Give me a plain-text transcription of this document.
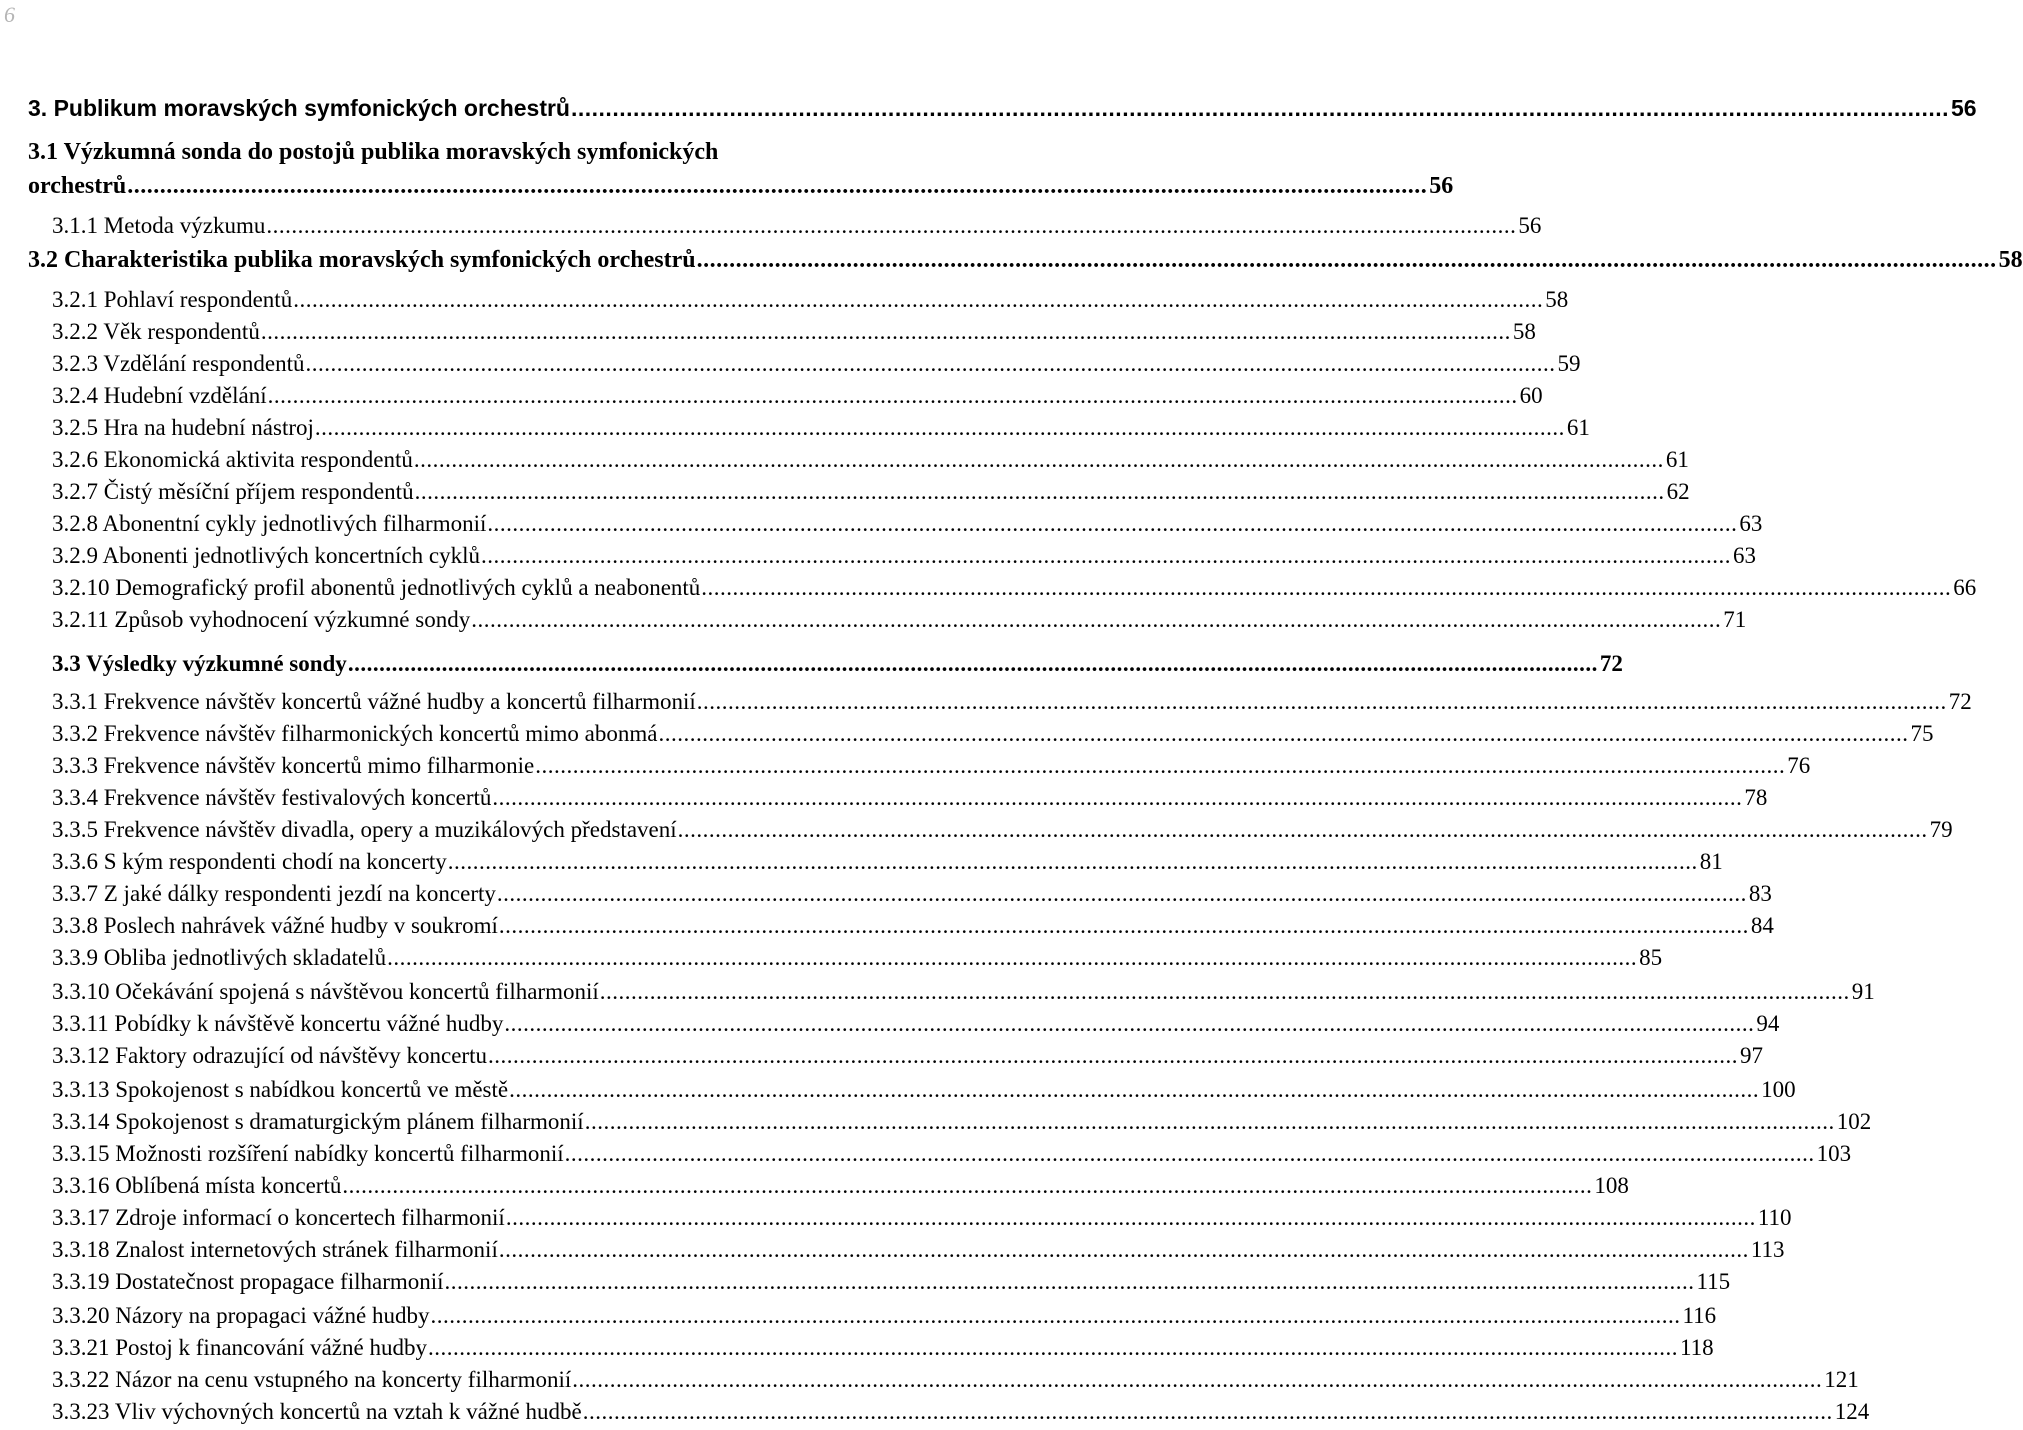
6
3. Publikum moravských symfonických orchestrů ........................................................................................................................................................................................................ 56
3.1 Výzkumná sonda do postojů publika moravských symfonických
orchestrů ........................................................................................................................................................................................................ 56
3.1.1 Metoda výzkumu ........................................................................................................................................................................................................ 56
3.2 Charakteristika publika moravských symfonických orchestrů ........................................................................................................................................................................................................ 58
3.2.1 Pohlaví respondentů ........................................................................................................................................................................................................ 58
3.2.2 Věk respondentů ........................................................................................................................................................................................................ 58
3.2.3 Vzdělání respondentů ........................................................................................................................................................................................................ 59
3.2.4 Hudební vzdělání ........................................................................................................................................................................................................ 60
3.2.5 Hra na hudební nástroj ........................................................................................................................................................................................................ 61
3.2.6 Ekonomická aktivita respondentů ........................................................................................................................................................................................................ 61
3.2.7 Čistý měsíční příjem respondentů ........................................................................................................................................................................................................ 62
3.2.8 Abonentní cykly jednotlivých filharmonií ........................................................................................................................................................................................................ 63
3.2.9 Abonenti jednotlivých koncertních cyklů ........................................................................................................................................................................................................ 63
3.2.10 Demografický profil abonentů jednotlivých cyklů a neabonentů ........................................................................................................................................................................................................ 66
3.2.11 Způsob vyhodnocení výzkumné sondy ........................................................................................................................................................................................................ 71
3.3 Výsledky výzkumné sondy ........................................................................................................................................................................................................ 72
3.3.1 Frekvence návštěv koncertů vážné hudby a koncertů filharmonií ........................................................................................................................................................................................................ 72
3.3.2 Frekvence návštěv filharmonických koncertů mimo abonmá ........................................................................................................................................................................................................ 75
3.3.3 Frekvence návštěv koncertů mimo filharmonie ........................................................................................................................................................................................................ 76
3.3.4 Frekvence návštěv festivalových koncertů ........................................................................................................................................................................................................ 78
3.3.5 Frekvence návštěv divadla, opery a muzikálových představení ........................................................................................................................................................................................................ 79
3.3.6 S kým respondenti chodí na koncerty ........................................................................................................................................................................................................ 81
3.3.7 Z jaké dálky respondenti jezdí na koncerty ........................................................................................................................................................................................................ 83
3.3.8 Poslech nahrávek vážné hudby v soukromí ........................................................................................................................................................................................................ 84
3.3.9 Obliba jednotlivých skladatelů ........................................................................................................................................................................................................ 85
3.3.10 Očekávání spojená s návštěvou koncertů filharmonií ........................................................................................................................................................................................................ 91
3.3.11 Pobídky k návštěvě koncertu vážné hudby ........................................................................................................................................................................................................ 94
3.3.12 Faktory odrazující od návštěvy koncertu ........................................................................................................................................................................................................ 97
3.3.13 Spokojenost s nabídkou koncertů ve městě ........................................................................................................................................................................................................ 100
3.3.14 Spokojenost s dramaturgickým plánem filharmonií ........................................................................................................................................................................................................ 102
3.3.15 Možnosti rozšíření nabídky koncertů filharmonií ........................................................................................................................................................................................................ 103
3.3.16 Oblíbená místa koncertů ........................................................................................................................................................................................................ 108
3.3.17 Zdroje informací o koncertech filharmonií ........................................................................................................................................................................................................ 110
3.3.18 Znalost internetových stránek filharmonií ........................................................................................................................................................................................................ 113
3.3.19 Dostatečnost propagace filharmonií ........................................................................................................................................................................................................ 115
3.3.20 Názory na propagaci vážné hudby ........................................................................................................................................................................................................ 116
3.3.21 Postoj k financování vážné hudby ........................................................................................................................................................................................................ 118
3.3.22 Názor na cenu vstupného na koncerty filharmonií ........................................................................................................................................................................................................ 121
3.3.23 Vliv výchovných koncertů na vztah k vážné hudbě ........................................................................................................................................................................................................ 124
